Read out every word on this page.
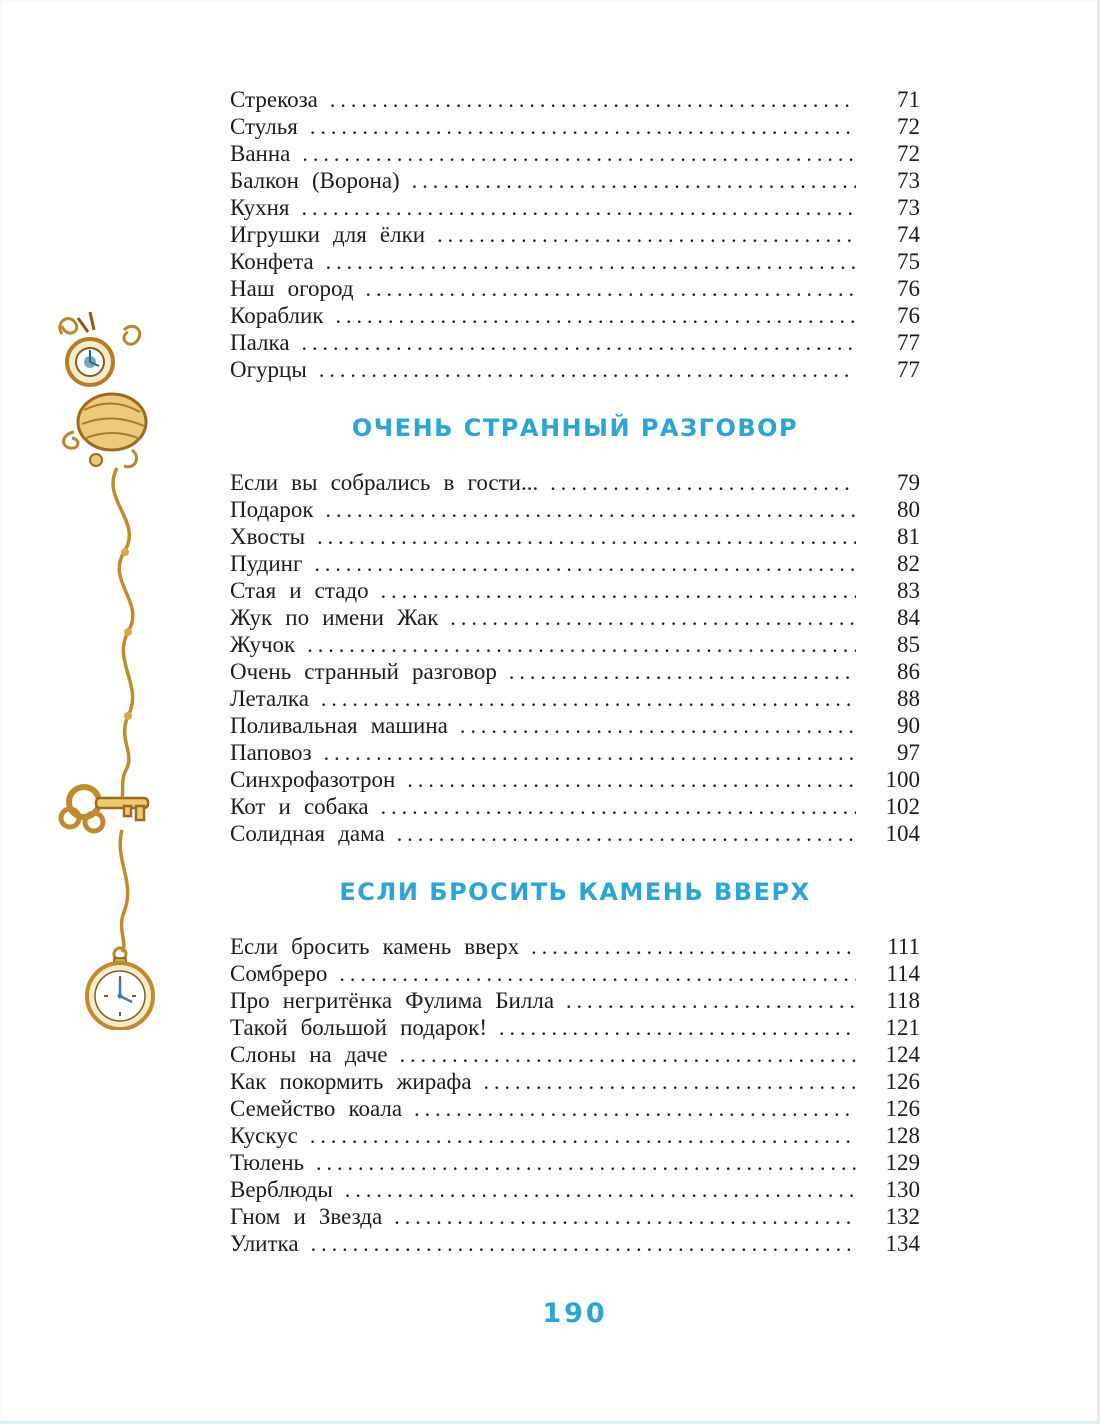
Стрекоза .....	71
Стулья .....	72
Ванна .....	72
Балкон (Ворона) .....	73
Кухня .....	73
Игрушки для ёлки .....	74
Конфета .....	75
Наш огород .....	76
Кораблик .....	76
Палка .....	77
Огурцы .....	77
ОЧЕНЬ СТРАННЫЙ РАЗГОВОР
Если вы собрались в гости... .....	79
Подарок .....	80
Хвосты .....	81
Пудинг .....	82
Стая и стадо .....	83
Жук по имени Жак .....	84
Жучок .....	85
Очень странный разговор .....	86
Леталка .....	88
Поливальная машина .....	90
Паповоз .....	97
Синхрофазотрон .....	100
Кот и собака .....	102
Солидная дама .....	104
ЕСЛИ БРОСИТЬ КАМЕНЬ ВВЕРХ
Если бросить камень вверх .....	111
Сомбреро .....	114
Про негритёнка Фулима Билла .....	118
Такой большой подарок! .....	121
Слоны на даче .....	124
Как покормить жирафа .....	126
Семейство коала .....	126
Кускус .....	128
Тюлень .....	129
Верблюды .....	130
Гном и Звезда .....	132
Улитка .....	134
190
